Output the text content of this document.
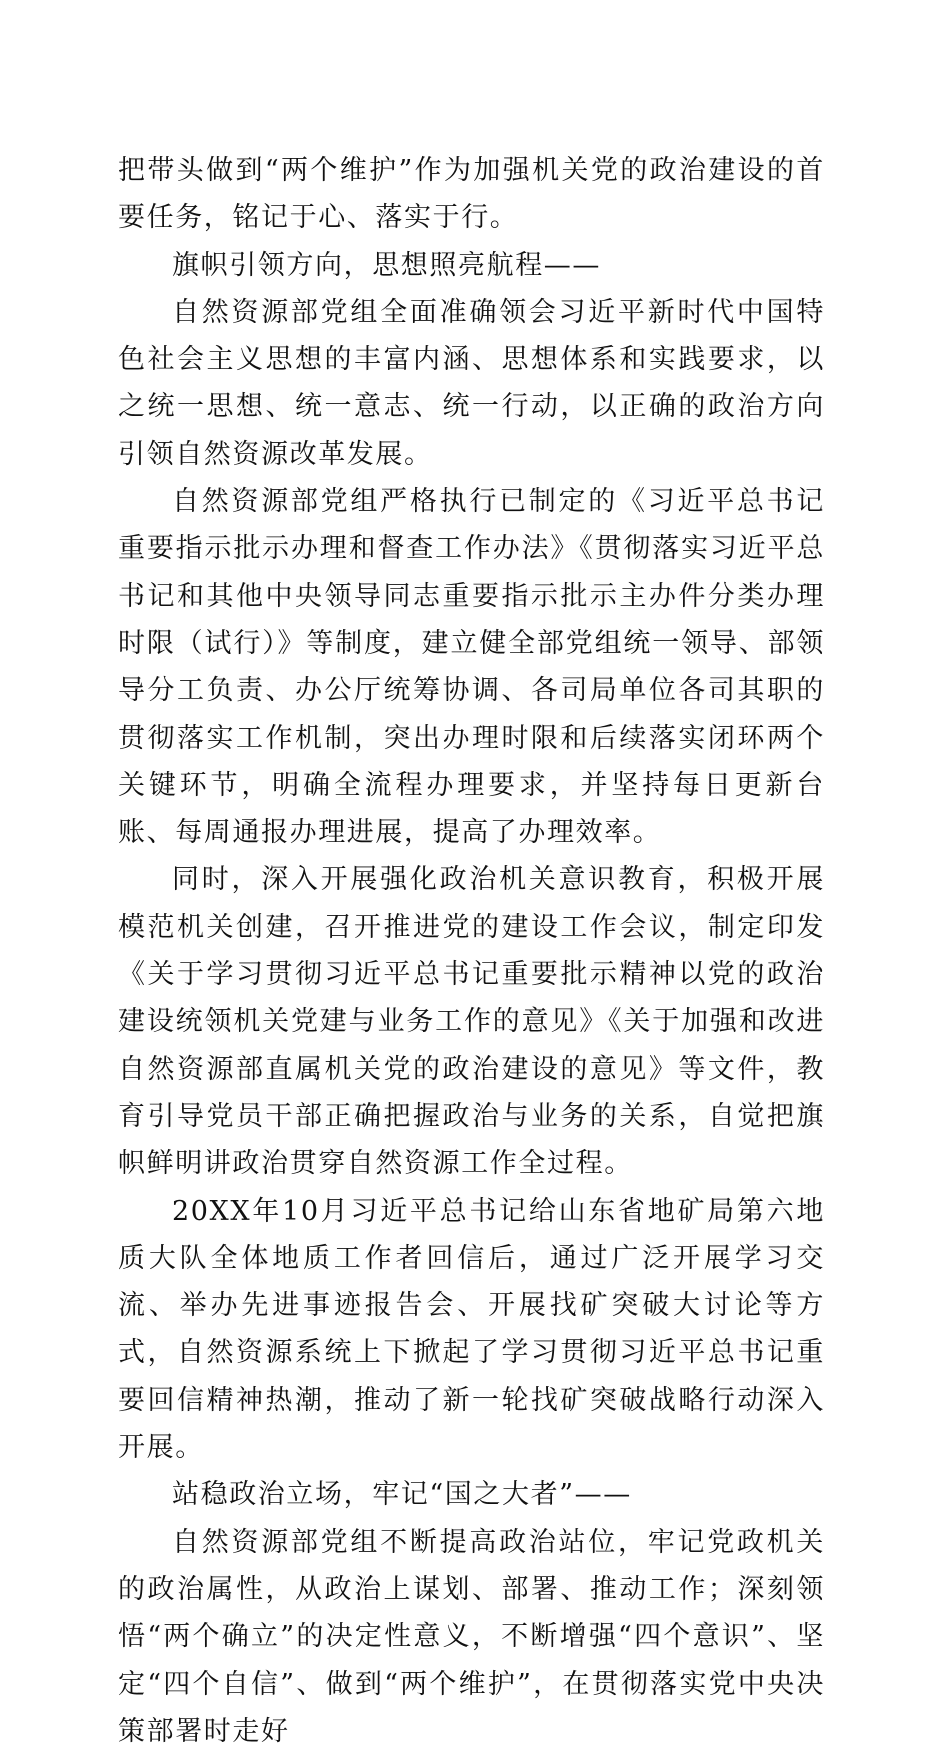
把带头做到“两个维护”作为加强机关党的政治建设的首要任务，铭记于心、落实于行。

旗帜引领方向，思想照亮航程——

自然资源部党组全面准确领会习近平新时代中国特色社会主义思想的丰富内涵、思想体系和实践要求，以之统一思想、统一意志、统一行动，以正确的政治方向引领自然资源改革发展。

自然资源部党组严格执行已制定的《习近平总书记重要指示批示办理和督查工作办法》《贯彻落实习近平总书记和其他中央领导同志重要指示批示主办件分类办理时限（试行）》等制度，建立健全部党组统一领导、部领导分工负责、办公厅统筹协调、各司局单位各司其职的贯彻落实工作机制，突出办理时限和后续落实闭环两个关键环节，明确全流程办理要求，并坚持每日更新台账、每周通报办理进展，提高了办理效率。

同时，深入开展强化政治机关意识教育，积极开展模范机关创建，召开推进党的建设工作会议，制定印发《关于学习贯彻习近平总书记重要批示精神以党的政治建设统领机关党建与业务工作的意见》《关于加强和改进自然资源部直属机关党的政治建设的意见》等文件，教育引导党员干部正确把握政治与业务的关系，自觉把旗帜鲜明讲政治贯穿自然资源工作全过程。

20XX年10月习近平总书记给山东省地矿局第六地质大队全体地质工作者回信后，通过广泛开展学习交流、举办先进事迹报告会、开展找矿突破大讨论等方式，自然资源系统上下掀起了学习贯彻习近平总书记重要回信精神热潮，推动了新一轮找矿突破战略行动深入开展。

站稳政治立场，牢记“国之大者”——

自然资源部党组不断提高政治站位，牢记党政机关的政治属性，从政治上谋划、部署、推动工作；深刻领悟“两个确立”的决定性意义，不断增强“四个意识”、坚定“四个自信”、做到“两个维护”，在贯彻落实党中央决策部署时走好
